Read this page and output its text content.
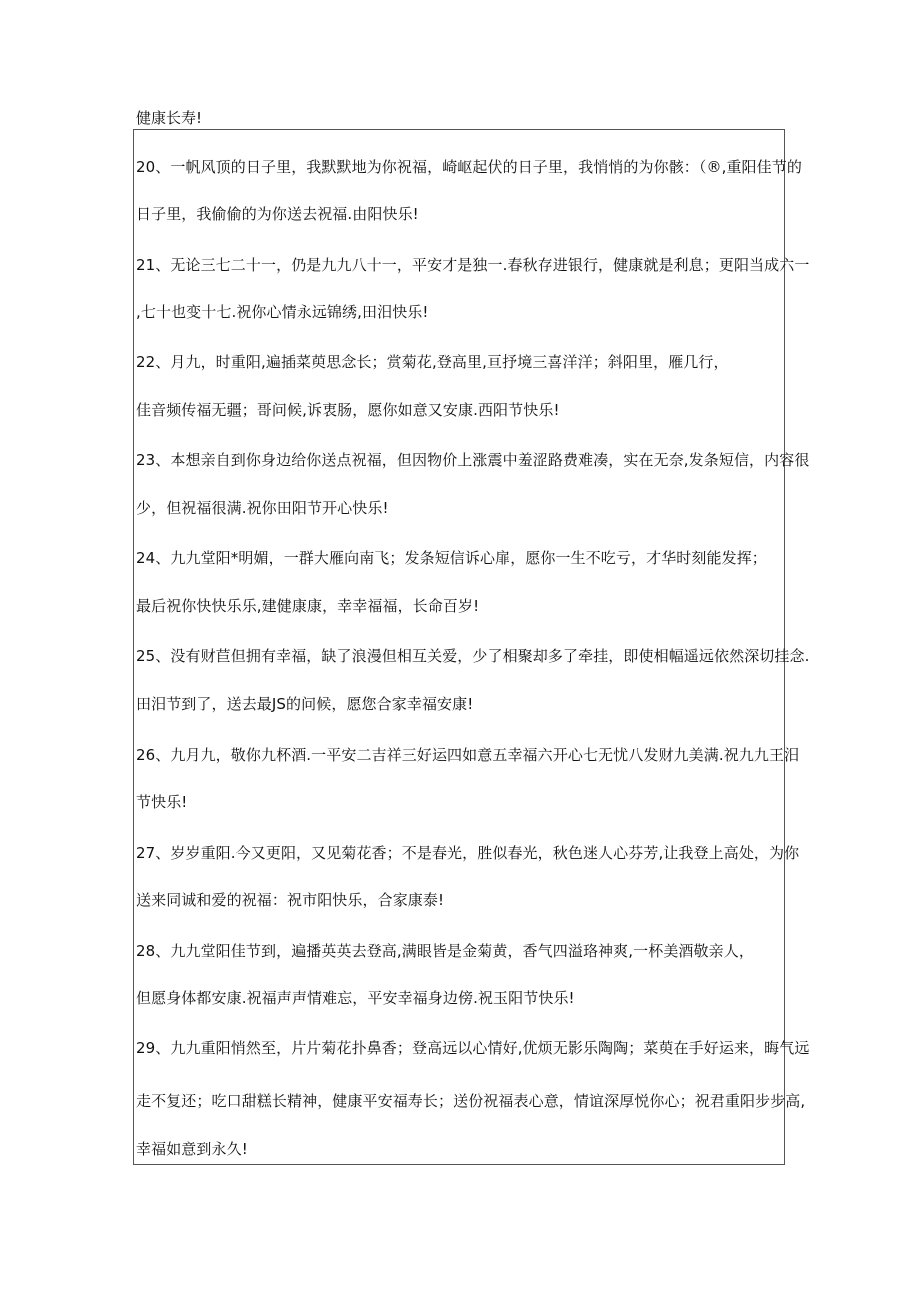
健康长寿!
20、一帆风顶的日子里，我默默地为你祝福，崎岖起伏的日子里，我悄悄的为你骸：（®,重阳佳节的
日子里，我偷偷的为你送去祝福.由阳快乐!
21、无论三七二十一，仍是九九八十一，平安才是独一.春秋存进银行，健康就是利息；更阳当成六一
,七十也变十七.祝你心情永远锦绣,田汨快乐!
22、月九，时重阳,遍插菜萸思念长；赏菊花,登高里,亘抒境三喜洋洋；斜阳里，雁几行，
佳音频传福无疆；哥问候,诉衷肠，愿你如意又安康.西阳节快乐!
23、本想亲自到你身边给你送点祝福，但因物价上涨震中羞涩路费难凑，实在无奈,发条短信，内容很
少，但祝福很满.祝你田阳节开心快乐!
24、九九堂阳*明媚，一群大雁向南飞；发条短信诉心扉，愿你一生不吃亏，才华时刻能发挥；
最后祝你快快乐乐,建健康康，幸幸福福，长命百岁!
25、没有财苣但拥有幸福，缺了浪漫但相互关爱，少了相聚却多了牵挂，即使相幅遥远依然深切挂念.
田汨节到了，送去最JS的问候，愿您合家幸福安康!
26、九月九，敬你九杯酒.一平安二吉祥三好运四如意五幸福六开心七无忧八发财九美满.祝九九王汨
节快乐!
27、岁岁重阳.今又更阳，又见菊花香；不是春光，胜似春光，秋色迷人心芬芳,让我登上高处，为你
送来同诚和爱的祝福：祝市阳快乐，合家康泰!
28、九九堂阳佳节到，遍播英英去登高,满眼皆是金菊黄，香气四溢珞神爽,一杯美酒敬亲人，
但愿身体都安康.祝福声声情难忘，平安幸福身边傍.祝玉阳节快乐!
29、九九重阳悄然至，片片菊花扑鼻香；登高远以心情好,优烦无影乐陶陶；菜萸在手好运来，晦气远
走不复还；吃口甜糕长精神，健康平安福寿长；送份祝福表心意，情谊深厚悦你心；祝君重阳步步高,
幸福如意到永久!
